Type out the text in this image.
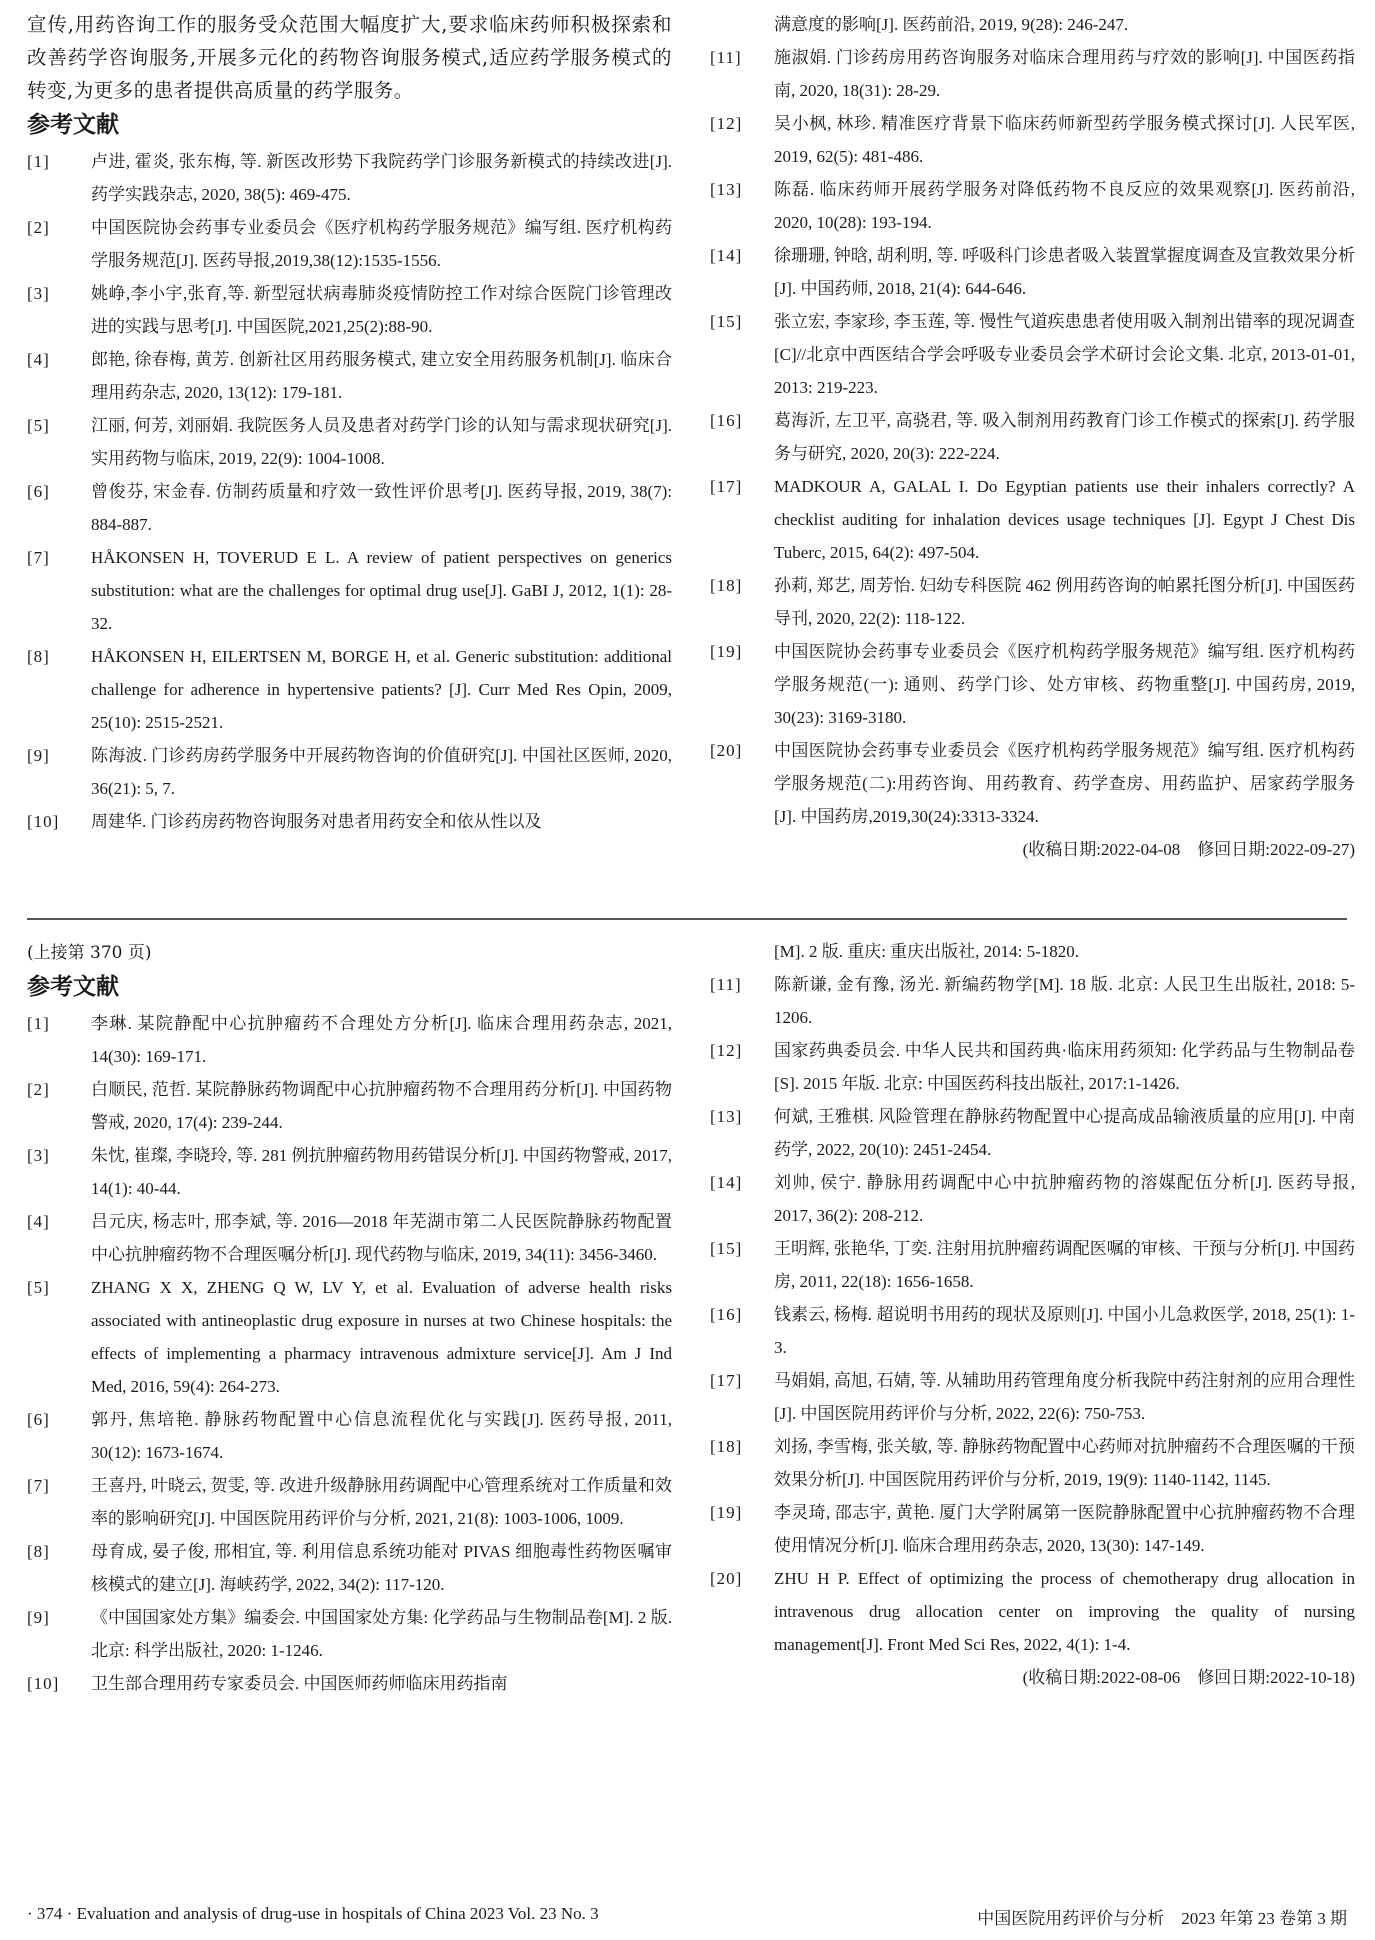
宣传,用药咨询工作的服务受众范围大幅度扩大,要求临床药师积极探索和改善药学咨询服务,开展多元化的药物咨询服务模式,适应药学服务模式的转变,为更多的患者提供高质量的药学服务。

参考文献
[1]	卢进, 霍炎, 张东梅, 等. 新医改形势下我院药学门诊服务新模式的持续改进[J]. 药学实践杂志, 2020, 38(5): 469-475.
[2]	中国医院协会药事专业委员会《医疗机构药学服务规范》编写组. 医疗机构药学服务规范[J]. 医药导报,2019,38(12):1535-1556.
[3]	姚峥,李小宇,张育,等. 新型冠状病毒肺炎疫情防控工作对综合医院门诊管理改进的实践与思考[J]. 中国医院,2021,25(2):88-90.
[4]	郎艳, 徐春梅, 黄芳. 创新社区用药服务模式, 建立安全用药服务机制[J]. 临床合理用药杂志, 2020, 13(12): 179-181.
[5]	江丽, 何芳, 刘丽娟. 我院医务人员及患者对药学门诊的认知与需求现状研究[J]. 实用药物与临床, 2019, 22(9): 1004-1008.
[6]	曾俊芬, 宋金春. 仿制药质量和疗效一致性评价思考[J]. 医药导报, 2019, 38(7): 884-887.
[7]	HÅKONSEN H, TOVERUD E L. A review of patient perspectives on generics substitution: what are the challenges for optimal drug use[J]. GaBI J, 2012, 1(1): 28-32.
[8]	HÅKONSEN H, EILERTSEN M, BORGE H, et al. Generic substitution: additional challenge for adherence in hypertensive patients? [J]. Curr Med Res Opin, 2009, 25(10): 2515-2521.
[9]	陈海波. 门诊药房药学服务中开展药物咨询的价值研究[J]. 中国社区医师, 2020, 36(21): 5, 7.
[10]	周建华. 门诊药房药物咨询服务对患者用药安全和依从性以及
满意度的影响[J]. 医药前沿, 2019, 9(28): 246-247.
[11]	施淑娟. 门诊药房用药咨询服务对临床合理用药与疗效的影响[J]. 中国医药指南, 2020, 18(31): 28-29.
[12]	吴小枫, 林珍. 精准医疗背景下临床药师新型药学服务模式探讨[J]. 人民军医, 2019, 62(5): 481-486.
[13]	陈磊. 临床药师开展药学服务对降低药物不良反应的效果观察[J]. 医药前沿, 2020, 10(28): 193-194.
[14]	徐珊珊, 钟晗, 胡利明, 等. 呼吸科门诊患者吸入装置掌握度调查及宣教效果分析[J]. 中国药师, 2018, 21(4): 644-646.
[15]	张立宏, 李家珍, 李玉莲, 等. 慢性气道疾患患者使用吸入制剂出错率的现况调查[C]//北京中西医结合学会呼吸专业委员会学术研讨会论文集. 北京, 2013-01-01, 2013: 219-223.
[16]	葛海沂, 左卫平, 高骁君, 等. 吸入制剂用药教育门诊工作模式的探索[J]. 药学服务与研究, 2020, 20(3): 222-224.
[17]	MADKOUR A, GALAL I. Do Egyptian patients use their inhalers correctly? A checklist auditing for inhalation devices usage techniques [J]. Egypt J Chest Dis Tuberc, 2015, 64(2): 497-504.
[18]	孙莉, 郑艺, 周芳怡. 妇幼专科医院 462 例用药咨询的帕累托图分析[J]. 中国医药导刊, 2020, 22(2): 118-122.
[19]	中国医院协会药事专业委员会《医疗机构药学服务规范》编写组. 医疗机构药学服务规范(一): 通则、药学门诊、处方审核、药物重整[J]. 中国药房, 2019, 30(23): 3169-3180.
[20]	中国医院协会药事专业委员会《医疗机构药学服务规范》编写组. 医疗机构药学服务规范(二):用药咨询、用药教育、药学查房、用药监护、居家药学服务[J]. 中国药房,2019,30(24):3313-3324.
(收稿日期:2022-04-08　修回日期:2022-09-27)

(上接第 370 页)

参考文献
[1]	李琳. 某院静配中心抗肿瘤药不合理处方分析[J]. 临床合理用药杂志, 2021, 14(30): 169-171.
[2]	白顺民, 范哲. 某院静脉药物调配中心抗肿瘤药物不合理用药分析[J]. 中国药物警戒, 2020, 17(4): 239-244.
[3]	朱忱, 崔璨, 李晓玲, 等. 281 例抗肿瘤药物用药错误分析[J]. 中国药物警戒, 2017, 14(1): 40-44.
[4]	吕元庆, 杨志叶, 邢李斌, 等. 2016—2018 年芜湖市第二人民医院静脉药物配置中心抗肿瘤药物不合理医嘱分析[J]. 现代药物与临床, 2019, 34(11): 3456-3460.
[5]	ZHANG X X, ZHENG Q W, LV Y, et al. Evaluation of adverse health risks associated with antineoplastic drug exposure in nurses at two Chinese hospitals: the effects of implementing a pharmacy intravenous admixture service[J]. Am J Ind Med, 2016, 59(4): 264-273.
[6]	郭丹, 焦培艳. 静脉药物配置中心信息流程优化与实践[J]. 医药导报, 2011, 30(12): 1673-1674.
[7]	王喜丹, 叶晓云, 贺雯, 等. 改进升级静脉用药调配中心管理系统对工作质量和效率的影响研究[J]. 中国医院用药评价与分析, 2021, 21(8): 1003-1006, 1009.
[8]	母育成, 晏子俊, 邢相宜, 等. 利用信息系统功能对 PIVAS 细胞毒性药物医嘱审核模式的建立[J]. 海峡药学, 2022, 34(2): 117-120.
[9]	《中国国家处方集》编委会. 中国国家处方集: 化学药品与生物制品卷[M]. 2 版. 北京: 科学出版社, 2020: 1-1246.
[10]	卫生部合理用药专家委员会. 中国医师药师临床用药指南
[M]. 2 版. 重庆: 重庆出版社, 2014: 5-1820.
[11]	陈新谦, 金有豫, 汤光. 新编药物学[M]. 18 版. 北京: 人民卫生出版社, 2018: 5-1206.
[12]	国家药典委员会. 中华人民共和国药典·临床用药须知: 化学药品与生物制品卷[S]. 2015 年版. 北京: 中国医药科技出版社, 2017:1-1426.
[13]	何斌, 王雅棋. 风险管理在静脉药物配置中心提高成品输液质量的应用[J]. 中南药学, 2022, 20(10): 2451-2454.
[14]	刘帅, 侯宁. 静脉用药调配中心中抗肿瘤药物的溶媒配伍分析[J]. 医药导报, 2017, 36(2): 208-212.
[15]	王明辉, 张艳华, 丁奕. 注射用抗肿瘤药调配医嘱的审核、干预与分析[J]. 中国药房, 2011, 22(18): 1656-1658.
[16]	钱素云, 杨梅. 超说明书用药的现状及原则[J]. 中国小儿急救医学, 2018, 25(1): 1-3.
[17]	马娟娟, 高旭, 石婧, 等. 从辅助用药管理角度分析我院中药注射剂的应用合理性[J]. 中国医院用药评价与分析, 2022, 22(6): 750-753.
[18]	刘扬, 李雪梅, 张关敏, 等. 静脉药物配置中心药师对抗肿瘤药不合理医嘱的干预效果分析[J]. 中国医院用药评价与分析, 2019, 19(9): 1140-1142, 1145.
[19]	李灵琦, 邵志宇, 黄艳. 厦门大学附属第一医院静脉配置中心抗肿瘤药物不合理使用情况分析[J]. 临床合理用药杂志, 2020, 13(30): 147-149.
[20]	ZHU H P. Effect of optimizing the process of chemotherapy drug allocation in intravenous drug allocation center on improving the quality of nursing management[J]. Front Med Sci Res, 2022, 4(1): 1-4.
(收稿日期:2022-08-06　修回日期:2022-10-18)
· 374 · Evaluation and analysis of drug-use in hospitals of China 2023 Vol. 23 No. 3	中国医院用药评价与分析　2023 年第 23 卷第 3 期
